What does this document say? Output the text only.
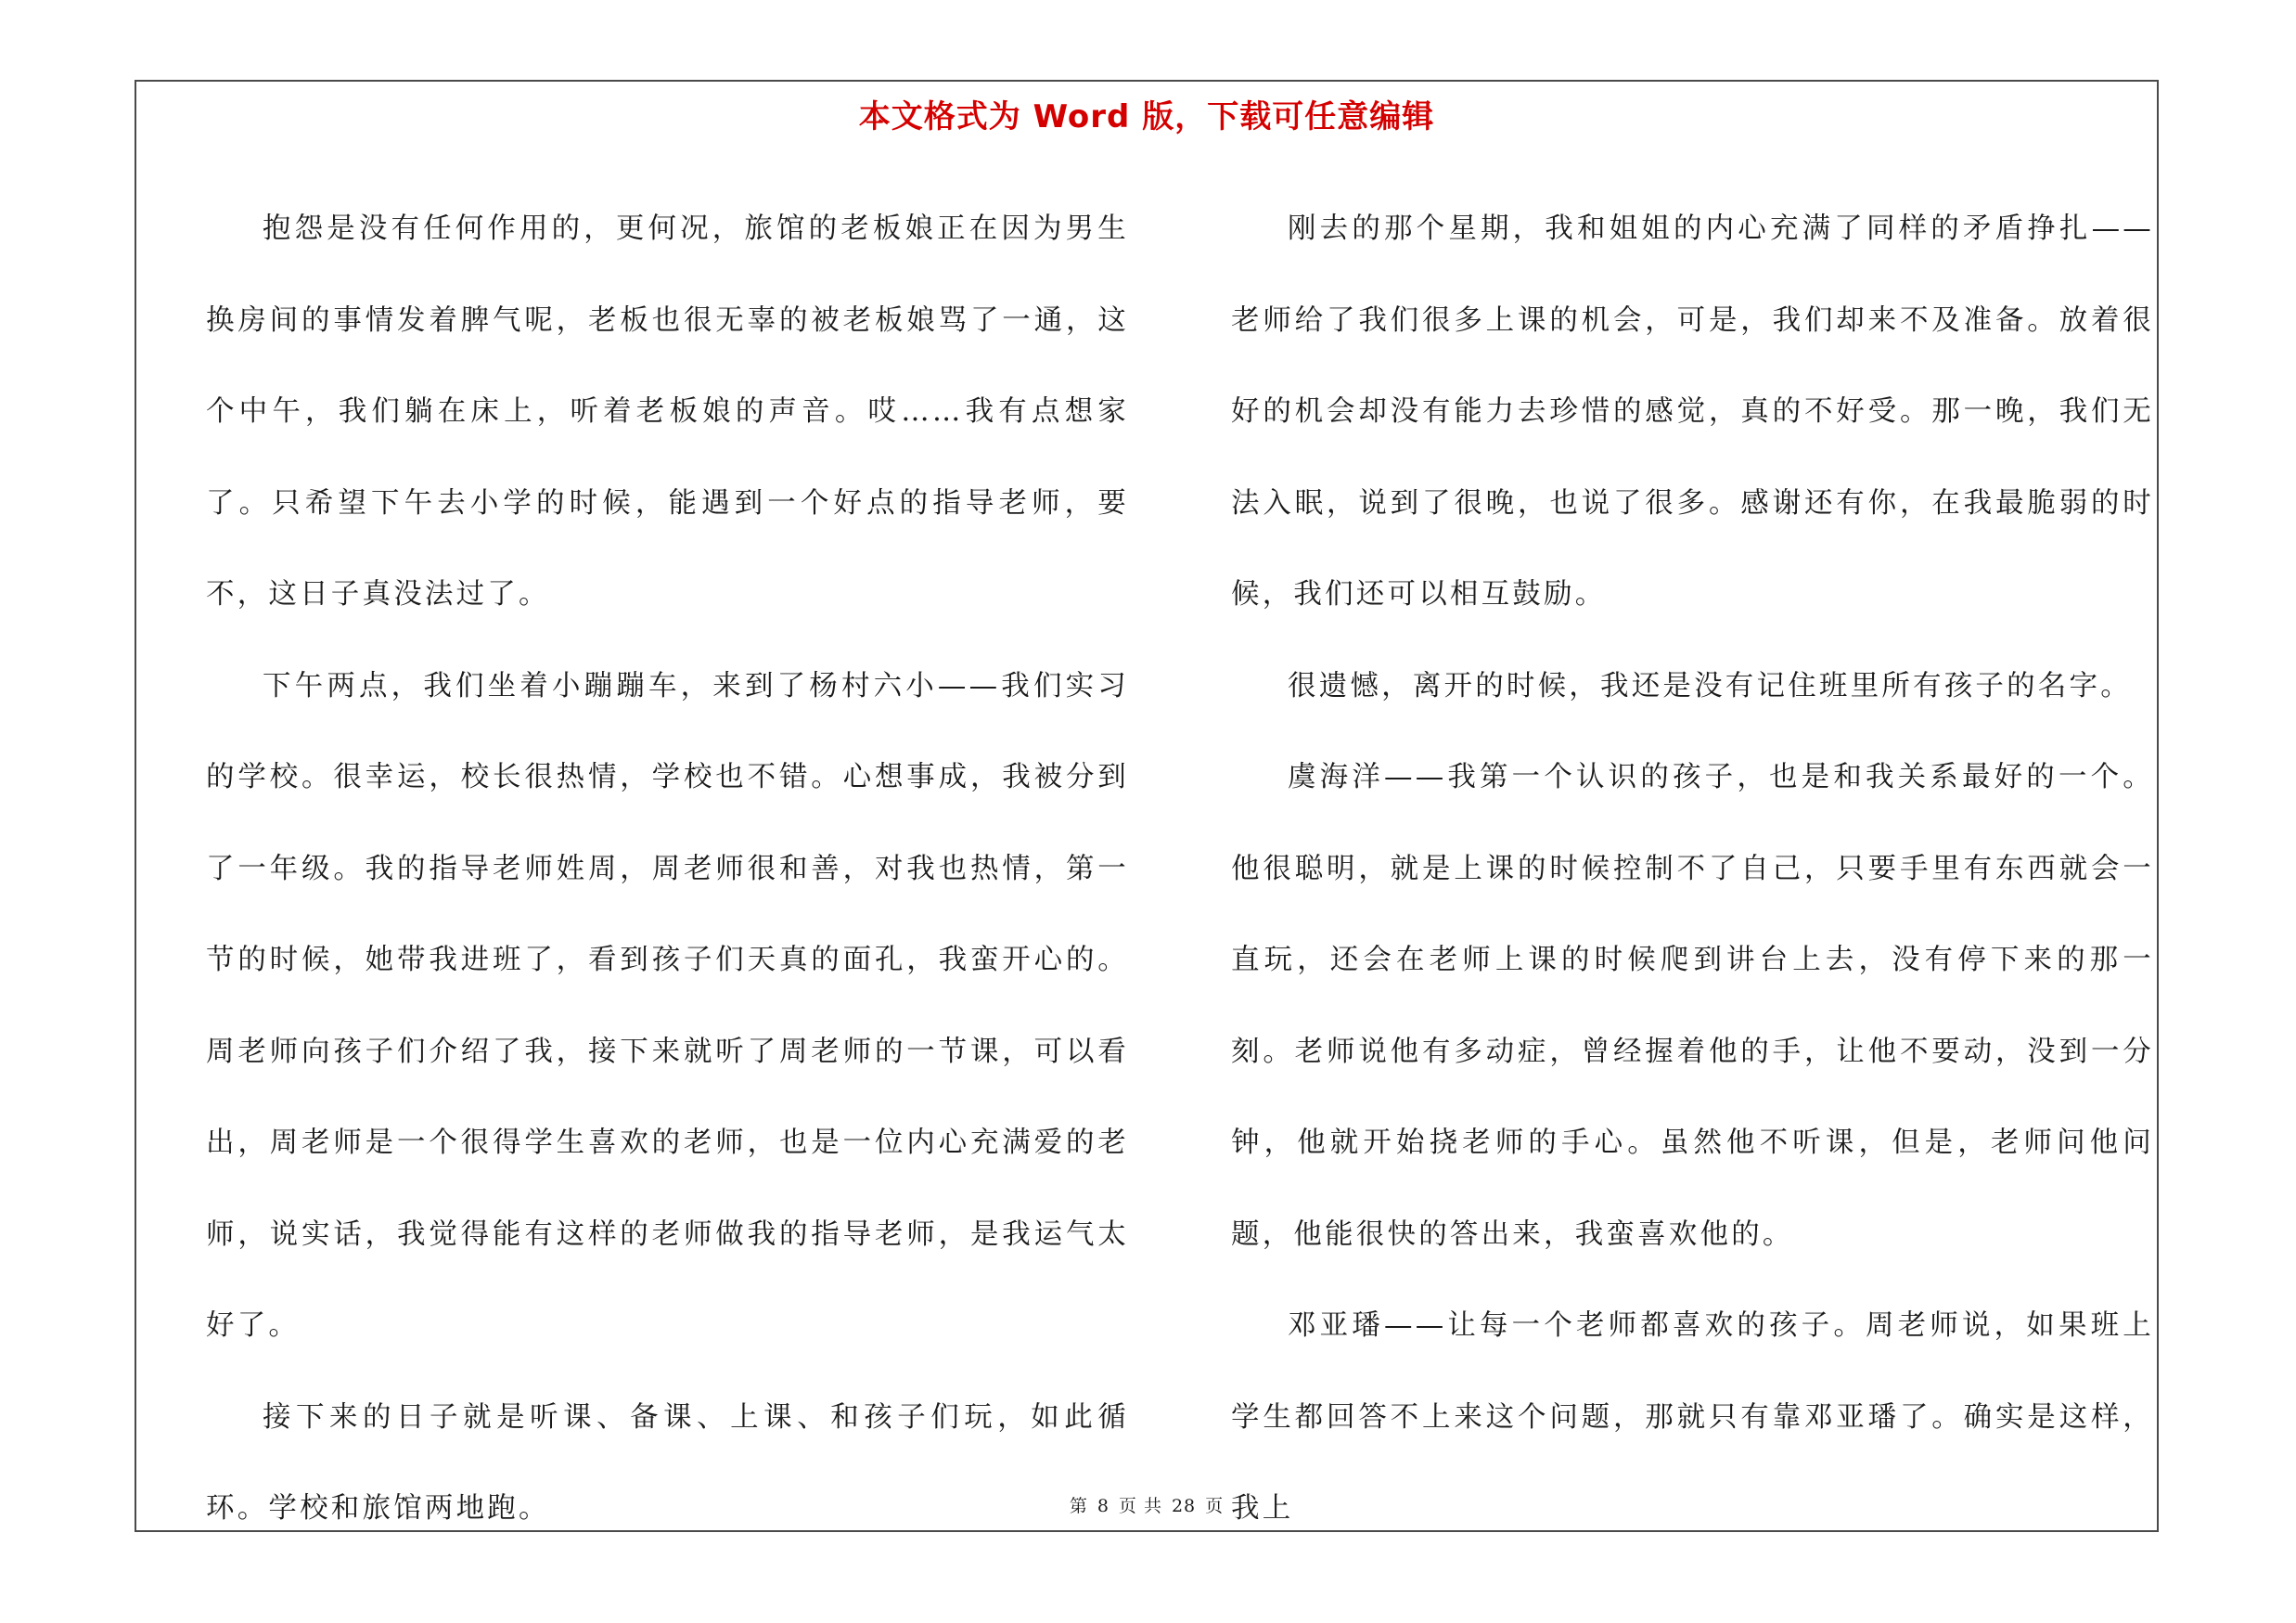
本文格式为 Word 版，下载可任意编辑

抱怨是没有任何作用的，更何况，旅馆的老板娘正在因为男生换房间的事情发着脾气呢，老板也很无辜的被老板娘骂了一通，这个中午，我们躺在床上，听着老板娘的声音。哎……我有点想家了。只希望下午去小学的时候，能遇到一个好点的指导老师，要不，这日子真没法过了。

下午两点，我们坐着小蹦蹦车，来到了杨村六小——我们实习的学校。很幸运，校长很热情，学校也不错。心想事成，我被分到了一年级。我的指导老师姓周，周老师很和善，对我也热情，第一节的时候，她带我进班了，看到孩子们天真的面孔，我蛮开心的。周老师向孩子们介绍了我，接下来就听了周老师的一节课，可以看出，周老师是一个很得学生喜欢的老师，也是一位内心充满爱的老师，说实话，我觉得能有这样的老师做我的指导老师，是我运气太好了。

接下来的日子就是听课、备课、上课、和孩子们玩，如此循环。学校和旅馆两地跑。

刚去的那个星期，我和姐姐的内心充满了同样的矛盾挣扎——老师给了我们很多上课的机会，可是，我们却来不及准备。放着很好的机会却没有能力去珍惜的感觉，真的不好受。那一晚，我们无法入眠，说到了很晚，也说了很多。感谢还有你，在我最脆弱的时候，我们还可以相互鼓励。

很遗憾，离开的时候，我还是没有记住班里所有孩子的名字。

虞海洋——我第一个认识的孩子，也是和我关系最好的一个。他很聪明，就是上课的时候控制不了自己，只要手里有东西就会一直玩，还会在老师上课的时候爬到讲台上去，没有停下来的那一刻。老师说他有多动症，曾经握着他的手，让他不要动，没到一分钟，他就开始挠老师的手心。虽然他不听课，但是，老师问他问题，他能很快的答出来，我蛮喜欢他的。

邓亚璠——让每一个老师都喜欢的孩子。周老师说，如果班上学生都回答不上来这个问题，那就只有靠邓亚璠了。确实是这样，我上

第 8 页 共 28 页
